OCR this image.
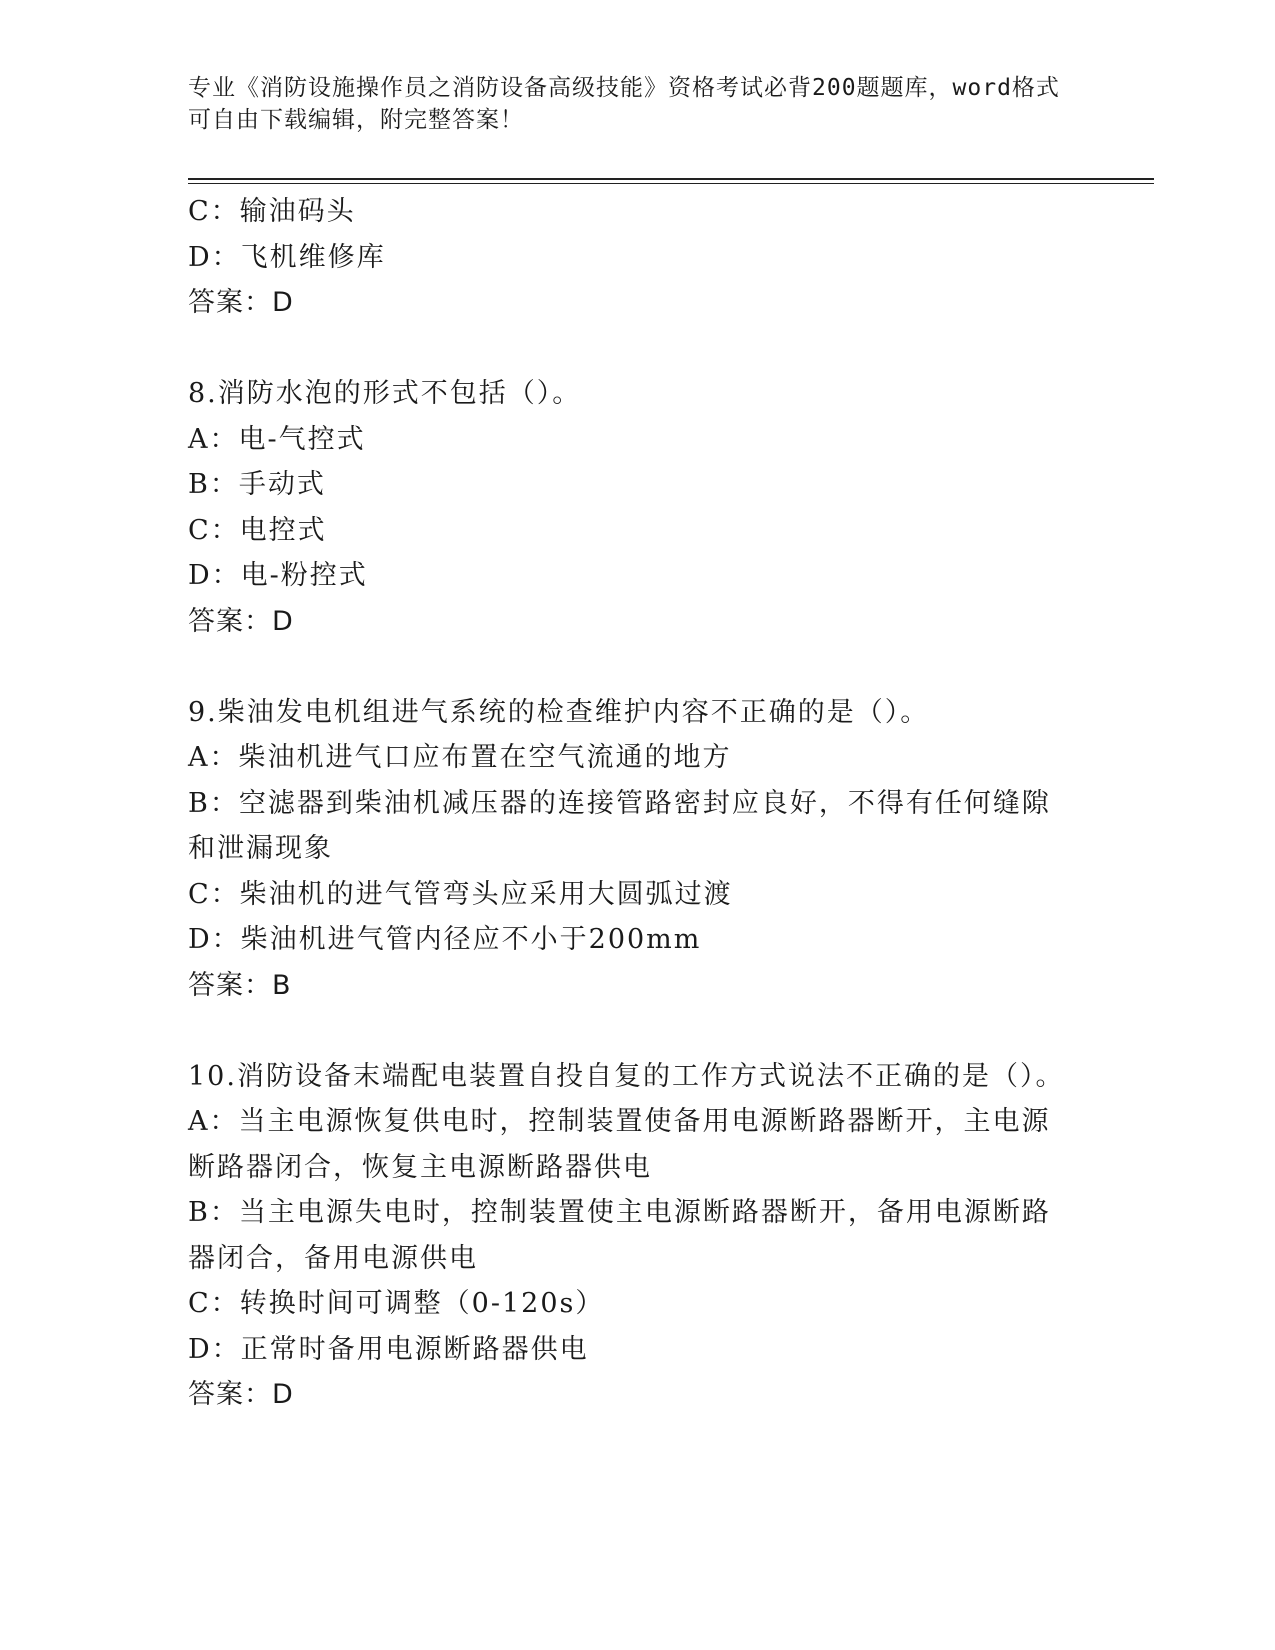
专业《消防设施操作员之消防设备高级技能》资格考试必背200题题库，word格式可自由下载编辑，附完整答案！
C：输油码头
D：飞机维修库
答案：D
8.消防水泡的形式不包括（）。
A：电-气控式
B：手动式
C：电控式
D：电-粉控式
答案：D
9.柴油发电机组进气系统的检查维护内容不正确的是（）。
A：柴油机进气口应布置在空气流通的地方
B：空滤器到柴油机减压器的连接管路密封应良好，不得有任何缝隙和泄漏现象
C：柴油机的进气管弯头应采用大圆弧过渡
D：柴油机进气管内径应不小于200mm
答案：B
10.消防设备末端配电装置自投自复的工作方式说法不正确的是（）。
A：当主电源恢复供电时，控制装置使备用电源断路器断开，主电源断路器闭合，恢复主电源断路器供电
B：当主电源失电时，控制装置使主电源断路器断开，备用电源断路器闭合，备用电源供电
C：转换时间可调整（0-120s）
D：正常时备用电源断路器供电
答案：D
